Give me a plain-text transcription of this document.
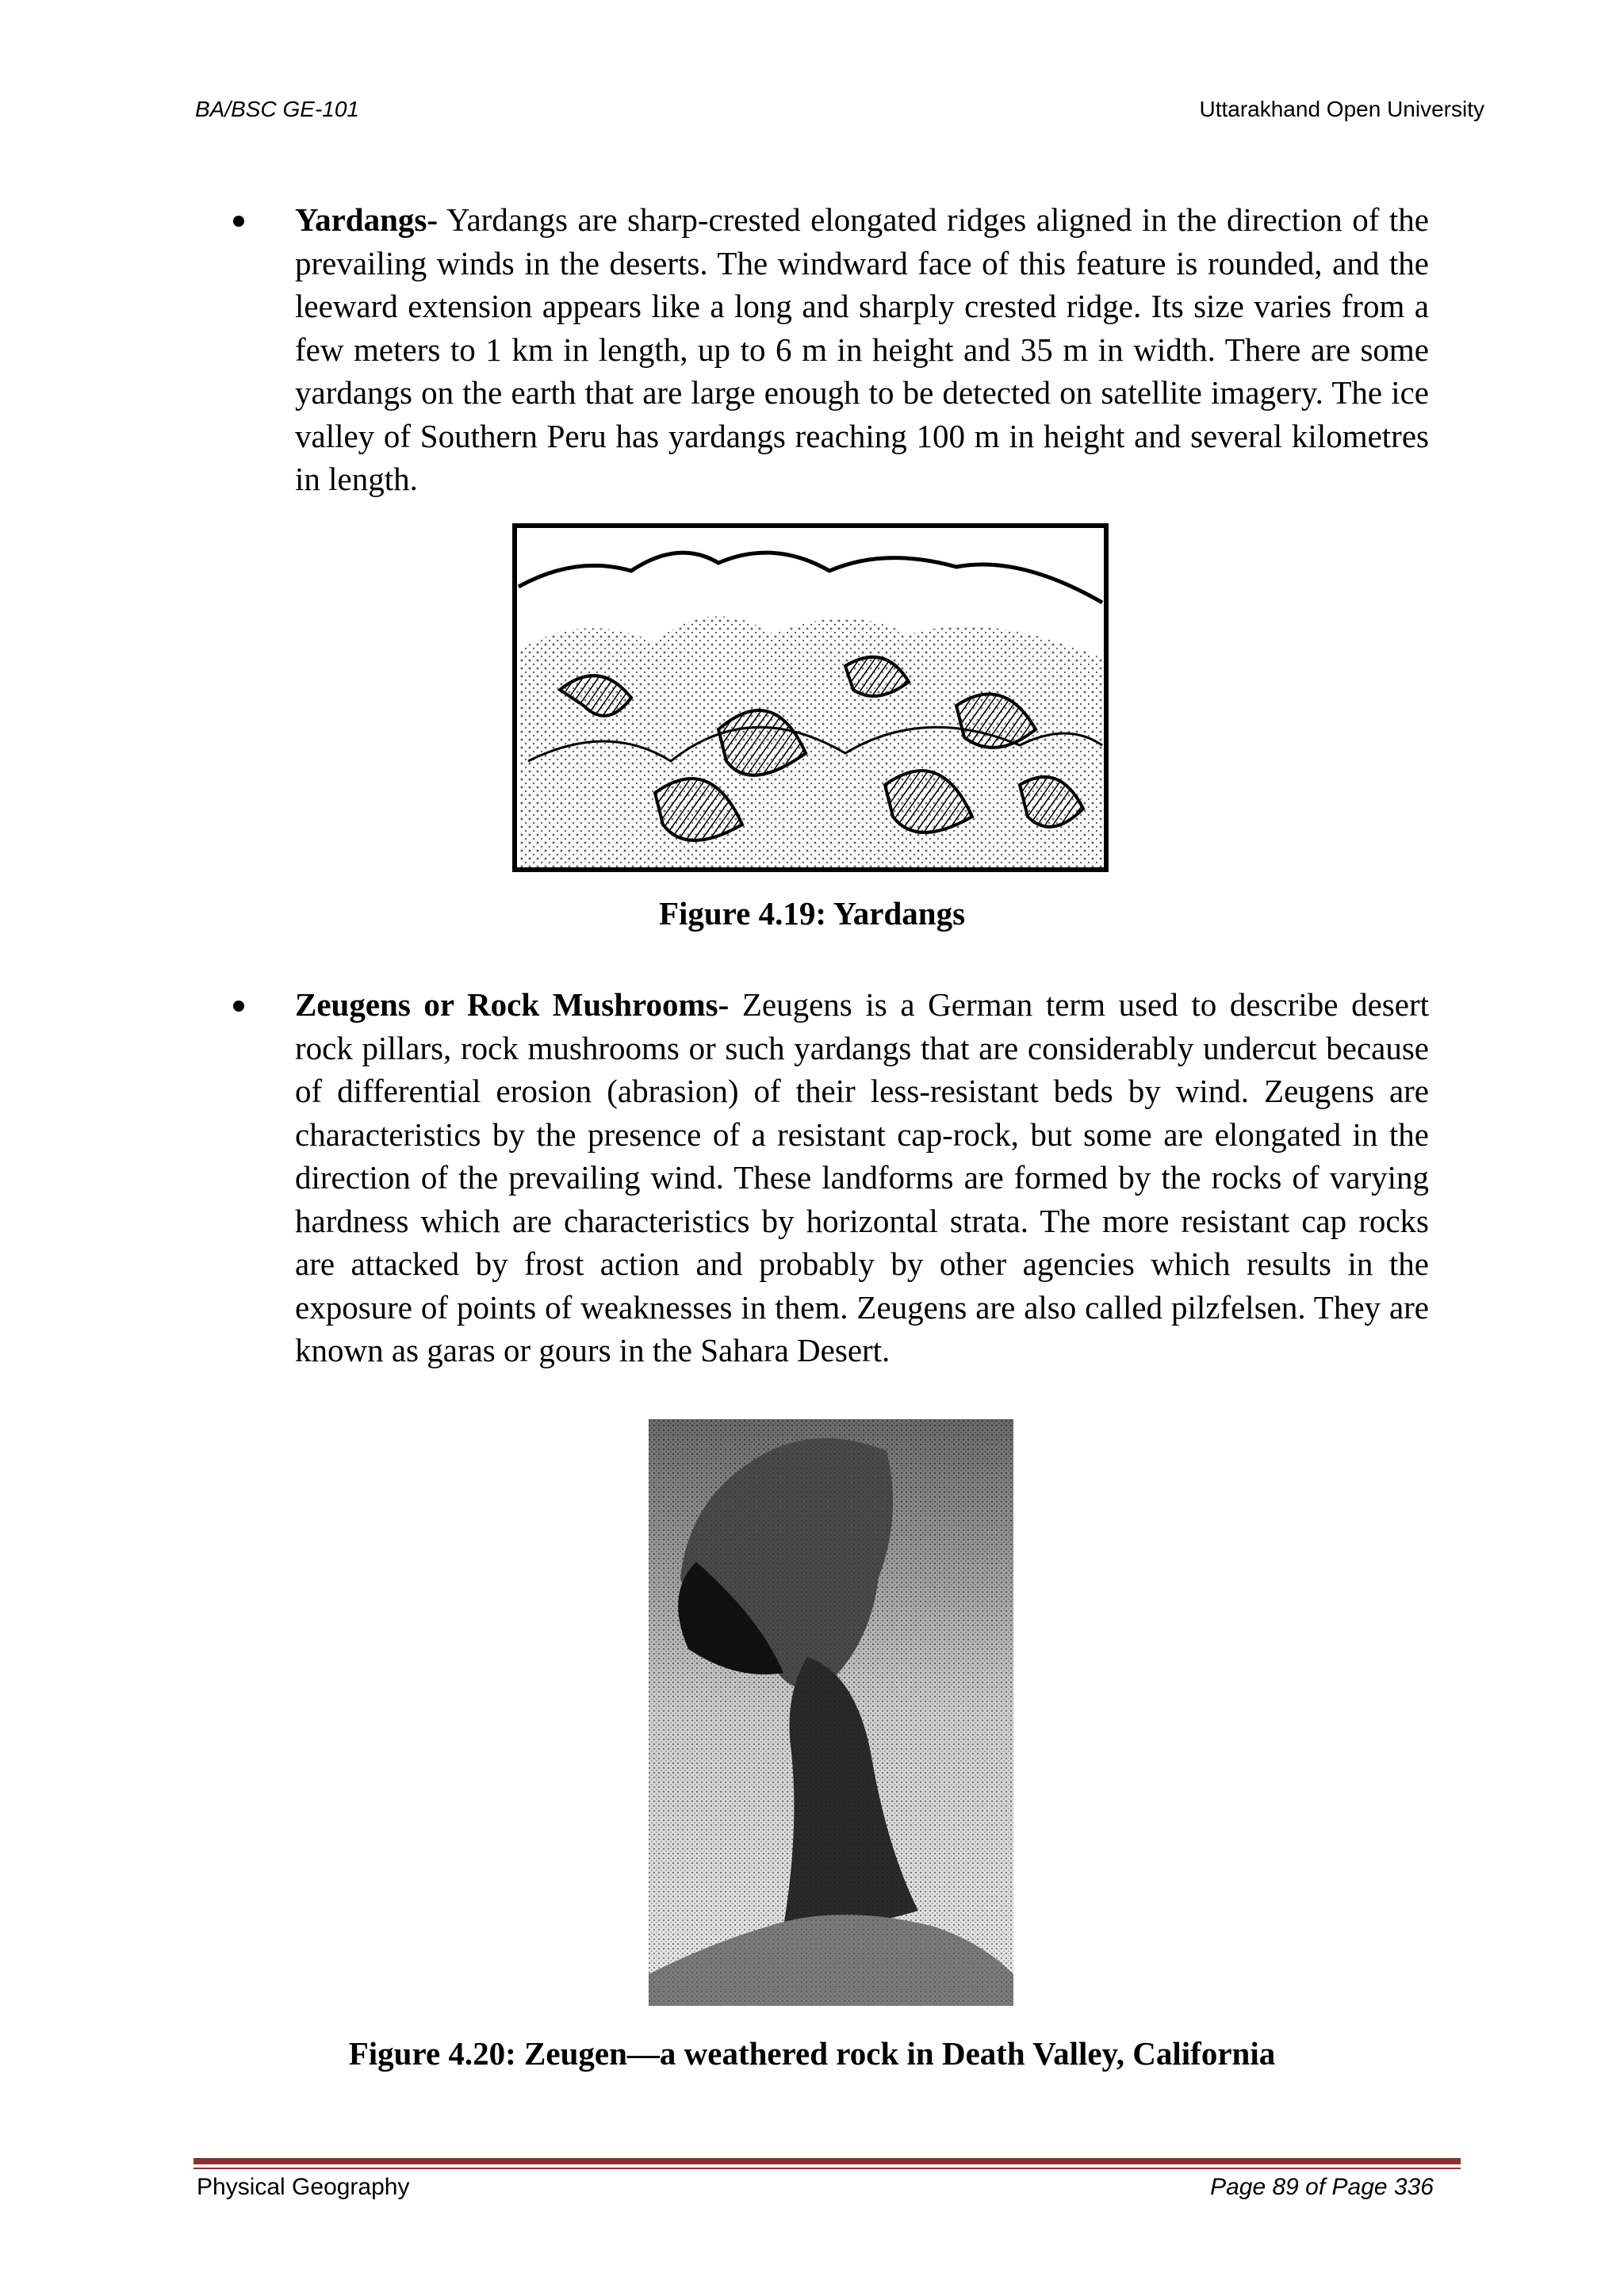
BA/BSC GE-101	Uttarakhand Open University

Yardangs- Yardangs are sharp-crested elongated ridges aligned in the direction of the prevailing winds in the deserts. The windward face of this feature is rounded, and the leeward extension appears like a long and sharply crested ridge. Its size varies from a few meters to 1 km in length, up to 6 m in height and 35 m in width. There are some yardangs on the earth that are large enough to be detected on satellite imagery. The ice valley of Southern Peru has yardangs reaching 100 m in height and several kilometres in length.

Figure 4.19: Yardangs

Zeugens or Rock Mushrooms- Zeugens is a German term used to describe desert rock pillars, rock mushrooms or such yardangs that are considerably undercut because of differential erosion (abrasion) of their less-resistant beds by wind. Zeugens are characteristics by the presence of a resistant cap-rock, but some are elongated in the direction of the prevailing wind. These landforms are formed by the rocks of varying hardness which are characteristics by horizontal strata. The more resistant cap rocks are attacked by frost action and probably by other agencies which results in the exposure of points of weaknesses in them. Zeugens are also called pilzfelsen. They are known as garas or gours in the Sahara Desert.

Figure 4.20: Zeugen—a weathered rock in Death Valley, California
Physical Geography	Page 89 of Page 336
